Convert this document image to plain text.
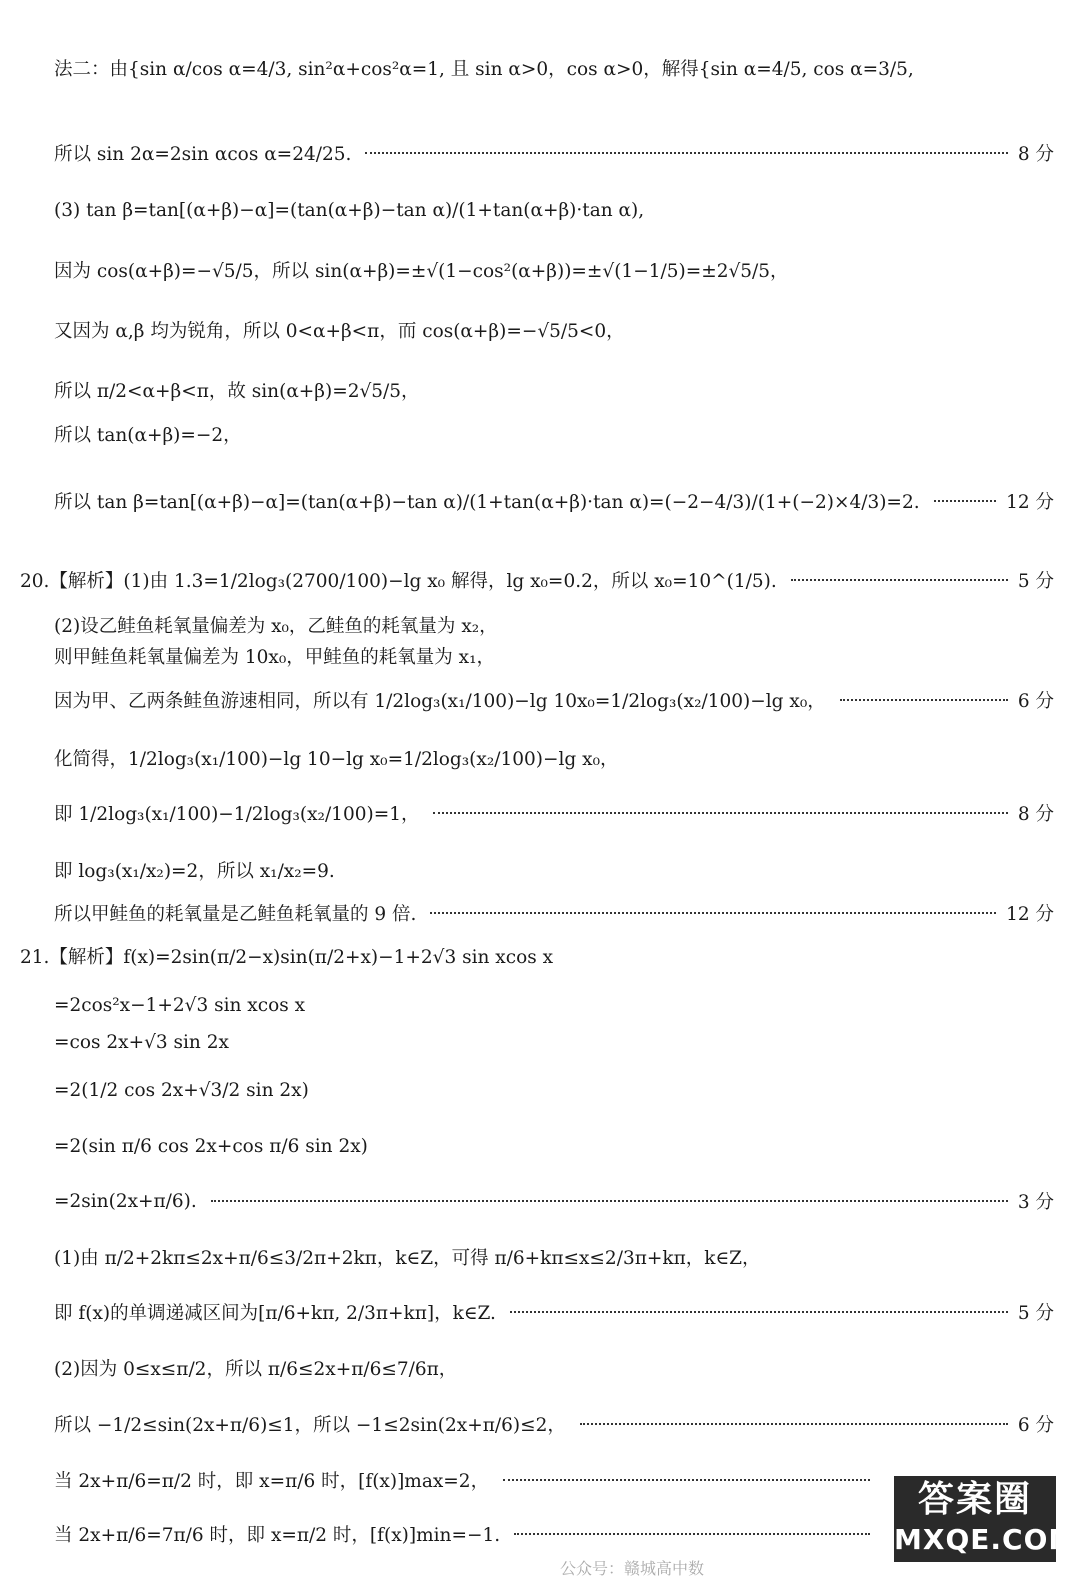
法二：由{sin α/cos α=4/3, sin²α+cos²α=1, 且 sin α>0，cos α>0，解得{sin α=4/5, cos α=3/5,
所以 sin 2α=2sin αcos α=24/25.	8 分
(3) tan β=tan[(α+β)−α]=(tan(α+β)−tan α)/(1+tan(α+β)·tan α),
因为 cos(α+β)=−√5/5，所以 sin(α+β)=±√(1−cos²(α+β))=±√(1−1/5)=±2√5/5，
又因为 α,β 均为锐角，所以 0<α+β<π，而 cos(α+β)=−√5/5<0，
所以 π/2<α+β<π，故 sin(α+β)=2√5/5，
所以 tan(α+β)=−2，
所以 tan β=tan[(α+β)−α]=(tan(α+β)−tan α)/(1+tan(α+β)·tan α)=(−2−4/3)/(1+(−2)×4/3)=2.	12 分
20.【解析】(1)由 1.3=1/2log₃(2700/100)−lg x₀ 解得，lg x₀=0.2，所以 x₀=10^(1/5).	5 分
(2)设乙鲑鱼耗氧量偏差为 x₀，乙鲑鱼的耗氧量为 x₂，
则甲鲑鱼耗氧量偏差为 10x₀，甲鲑鱼的耗氧量为 x₁，
因为甲、乙两条鲑鱼游速相同，所以有 1/2log₃(x₁/100)−lg 10x₀=1/2log₃(x₂/100)−lg x₀，	6 分
化简得，1/2log₃(x₁/100)−lg 10−lg x₀=1/2log₃(x₂/100)−lg x₀，
即 1/2log₃(x₁/100)−1/2log₃(x₂/100)=1，	8 分
即 log₃(x₁/x₂)=2，所以 x₁/x₂=9.
所以甲鲑鱼的耗氧量是乙鲑鱼耗氧量的 9 倍.	12 分
21.【解析】f(x)=2sin(π/2−x)sin(π/2+x)−1+2√3 sin xcos x
=2cos²x−1+2√3 sin xcos x
=cos 2x+√3 sin 2x
=2(1/2 cos 2x+√3/2 sin 2x)
=2(sin π/6 cos 2x+cos π/6 sin 2x)
=2sin(2x+π/6).	3 分
(1)由 π/2+2kπ≤2x+π/6≤3/2π+2kπ，k∈Z，可得 π/6+kπ≤x≤2/3π+kπ，k∈Z，
即 f(x)的单调递减区间为[π/6+kπ, 2/3π+kπ]，k∈Z.	5 分
(2)因为 0≤x≤π/2，所以 π/6≤2x+π/6≤7/6π，
所以 −1/2≤sin(2x+π/6)≤1，所以 −1≤2sin(2x+π/6)≤2，	6 分
当 2x+π/6=π/2 时，即 x=π/6 时，[f(x)]max=2，
当 2x+π/6=7π/6 时，即 x=π/2 时，[f(x)]min=−1.
答案圈
MXQE.COM
公众号：赣城高中数
